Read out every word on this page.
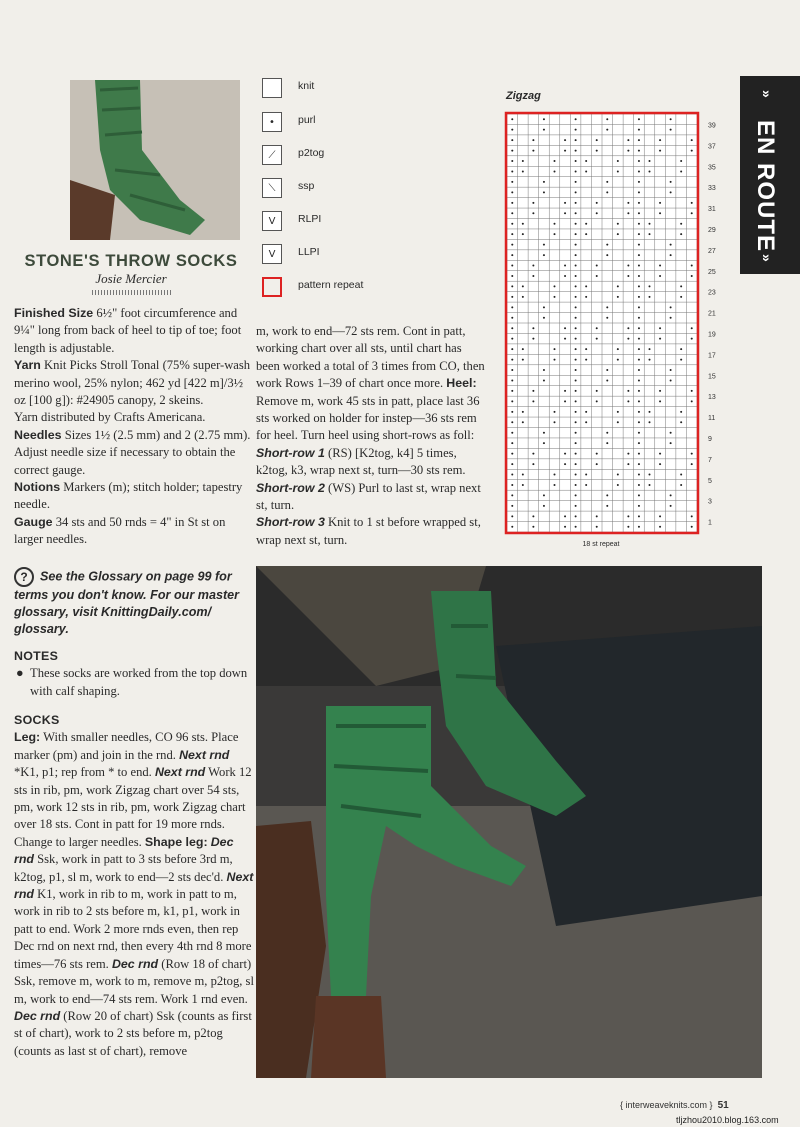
STONE'S THROW SOCKS
Josie Mercier

Finished Size 6½" foot circumference and 9¼" long from back of heel to tip of toe; foot length is adjustable.

Yarn Knit Picks Stroll Tonal (75% super-wash merino wool, 25% nylon; 462 yd [422 m]/3½ oz [100 g]): #24905 canopy, 2 skeins.

Yarn distributed by Crafts Americana.

Needles Sizes 1½ (2.5 mm) and 2 (2.75 mm). Adjust needle size if necessary to obtain the correct gauge.

Notions Markers (m); stitch holder; tapestry needle.

Gauge 34 sts and 50 rnds = 4" in St st on larger needles.

? See the Glossary on page 99 for terms you don't know. For our master glossary, visit KnittingDaily.com/ glossary.
NOTES
● These socks are worked from the top down with calf shaping.
SOCKS

Leg: With smaller needles, CO 96 sts. Place marker (pm) and join in the rnd. Next rnd *K1, p1; rep from * to end. Next rnd Work 12 sts in rib, pm, work Zigzag chart over 54 sts, pm, work 12 sts in rib, pm, work Zigzag chart over 18 sts. Cont in patt for 19 more rnds. Change to larger needles. Shape leg: Dec rnd Ssk, work in patt to 3 sts before 3rd m, k2tog, p1, sl m, work to end—2 sts dec'd. Next rnd K1, work in rib to m, work in patt to m, work in rib to 2 sts before m, k1, p1, work in patt to end. Work 2 more rnds even, then rep Dec rnd on next rnd, then every 4th rnd 8 more times—76 sts rem. Dec rnd (Row 18 of chart) Ssk, remove m, work to m, remove m, p2tog, sl m, work to end—74 sts rem. Work 1 rnd even. Dec rnd (Row 20 of chart) Ssk (counts as first st of chart), work to 2 sts before m, p2tog (counts as last st of chart), remove

m, work to end—72 sts rem. Cont in patt, working chart over all sts, until chart has been worked a total of 3 times from CO, then work Rows 1–39 of chart once more. Heel: Remove m, work 45 sts in patt, place last 36 sts worked on holder for instep—36 sts rem for heel. Turn heel using short-rows as foll:
Short-row 1 (RS) [K2tog, k4] 5 times, k2tog, k3, wrap next st, turn—30 sts rem.
Short-row 2 (WS) Purl to last st, wrap next st, turn.
Short-row 3 Knit to 1 st before wrapped st, wrap next st, turn.

knit
•	purl
⟋	p2tog
⟍	ssp
V	RLPI
V	LLPI
pattern repeat
Zigzag
39
37
35
33
31
29
27
25
23
21
19
17
15
13
11
9
7
5
3
1
18 st repeat
»
EN ROUTE
»
{ interweaveknits.com } 51
tljzhou2010.blog.163.com
